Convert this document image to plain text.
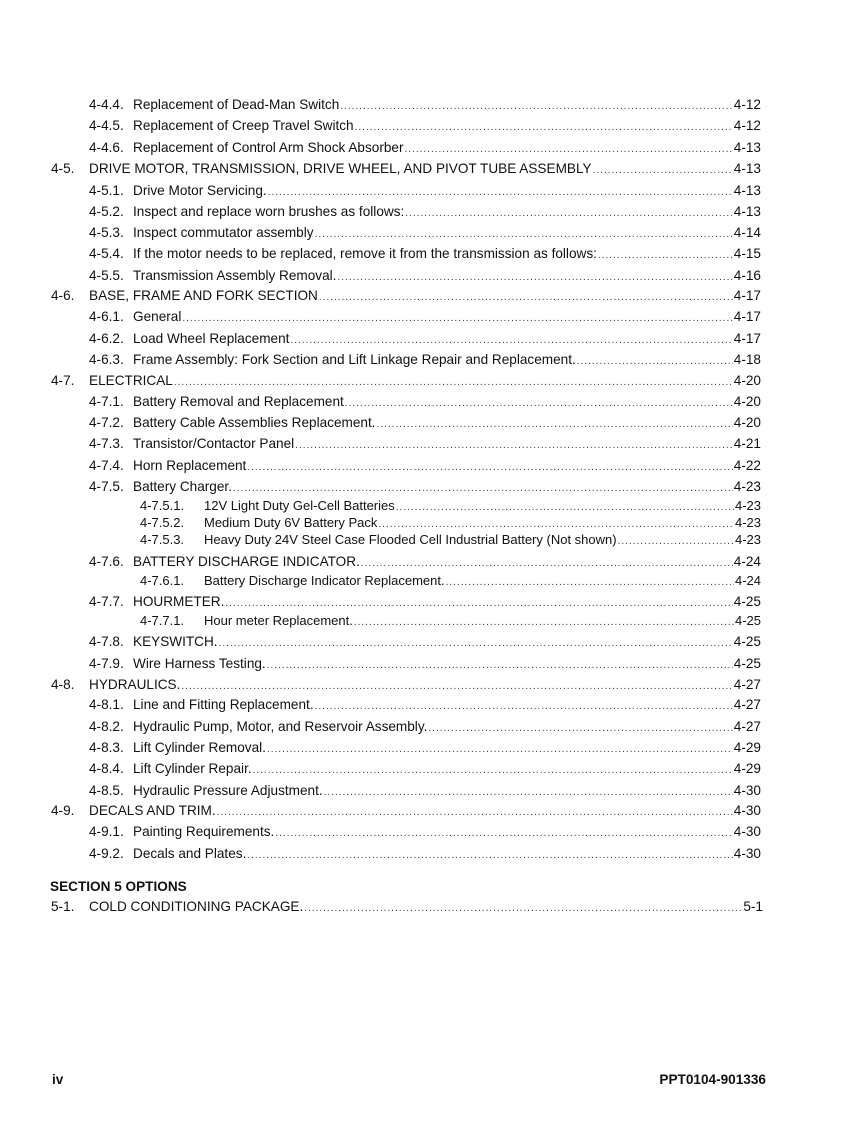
4-4.4. Replacement of Dead-Man Switch .....	4-12
4-4.5. Replacement of Creep Travel Switch .....	4-12
4-4.6. Replacement of Control Arm Shock Absorber .....	4-13
4-5. DRIVE MOTOR, TRANSMISSION, DRIVE WHEEL, AND PIVOT TUBE ASSEMBLY .....	4-13
4-5.1. Drive Motor Servicing. .....	4-13
4-5.2. Inspect and replace worn brushes as follows: .....	4-13
4-5.3. Inspect commutator assembly .....	4-14
4-5.4. If the motor needs to be replaced, remove it from the transmission as follows: .....	4-15
4-5.5. Transmission Assembly Removal. .....	4-16
4-6. BASE, FRAME AND FORK SECTION .....	4-17
4-6.1. General .....	4-17
4-6.2. Load Wheel Replacement .....	4-17
4-6.3. Frame Assembly: Fork Section and Lift Linkage Repair and Replacement. .....	4-18
4-7. ELECTRICAL .....	4-20
4-7.1. Battery Removal and Replacement .....	4-20
4-7.2. Battery Cable Assemblies Replacement. .....	4-20
4-7.3. Transistor/Contactor Panel .....	4-21
4-7.4. Horn Replacement .....	4-22
4-7.5. Battery Charger. .....	4-23
4-7.5.1. 12V Light Duty Gel-Cell Batteries .....	4-23
4-7.5.2. Medium Duty 6V Battery Pack .....	4-23
4-7.5.3. Heavy Duty 24V Steel Case Flooded Cell Industrial Battery (Not shown) .....	4-23
4-7.6. BATTERY DISCHARGE INDICATOR. .....	4-24
4-7.6.1. Battery Discharge Indicator Replacement. .....	4-24
4-7.7. HOURMETER. .....	4-25
4-7.7.1. Hour meter Replacement. .....	4-25
4-7.8. KEYSWITCH. .....	4-25
4-7.9. Wire Harness Testing. .....	4-25
4-8. HYDRAULICS. .....	4-27
4-8.1. Line and Fitting Replacement. .....	4-27
4-8.2. Hydraulic Pump, Motor, and Reservoir Assembly. .....	4-27
4-8.3. Lift Cylinder Removal. .....	4-29
4-8.4. Lift Cylinder Repair. .....	4-29
4-8.5. Hydraulic Pressure Adjustment. .....	4-30
4-9. DECALS AND TRIM. .....	4-30
4-9.1. Painting Requirements. .....	4-30
4-9.2. Decals and Plates. .....	4-30
SECTION 5 OPTIONS
5-1. COLD CONDITIONING PACKAGE. .....	5-1
iv	PPT0104-901336
